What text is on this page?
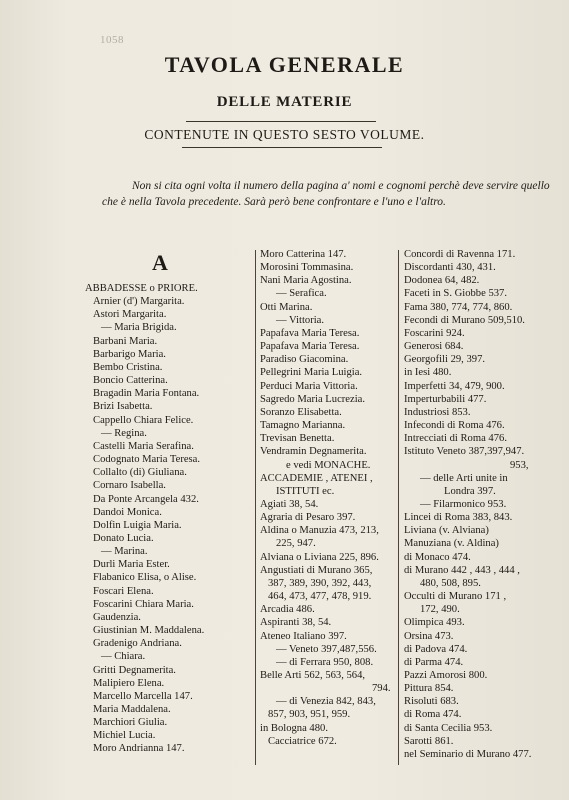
1058
TAVOLA GENERALE
DELLE MATERIE
CONTENUTE IN QUESTO SESTO VOLUME.
Non si cita ogni volta il numero della pagina a' nomi e cognomi perchè deve servire quello
che è nella Tavola precedente. Sarà però bene confrontare e l'uno e l'altro.
A
ABBADESSE o PRIORE.
Arnier (d') Margarita.
Astori Margarita.
— Maria Brigida.
Barbani Maria.
Barbarigo Maria.
Bembo Cristina.
Boncio Catterina.
Bragadin Maria Fontana.
Brizi Isabetta.
Cappello Chiara Felice.
— Regina.
Castelli Maria Serafina.
Codognato Maria Teresa.
Collalto (di) Giuliana.
Cornaro Isabella.
Da Ponte Arcangela 432.
Dandoi Monica.
Dolfin Luigia Maria.
Donato Lucia.
— Marina.
Durli Maria Ester.
Flabanico Elisa, o Alise.
Foscari Elena.
Foscarini Chiara Maria.
Gaudenzia.
Giustinian M. Maddalena.
Gradenigo Andriana.
— Chiara.
Gritti Degnamerita.
Malipiero Elena.
Marcello Marcella 147.
Maria Maddalena.
Marchiori Giulia.
Michiel Lucia.
Moro Andrianna 147.
Moro Catterina 147.
Morosini Tommasina.
Nani Maria Agostina.
— Serafica.
Otti Marina.
— Vittoria.
Papafava Maria Teresa.
Papafava Maria Teresa.
Paradiso Giacomina.
Pellegrini Maria Luigia.
Perduci Maria Vittoria.
Sagredo Maria Lucrezia.
Soranzo Elisabetta.
Tamagno Marianna.
Trevisan Benetta.
Vendramin Degnamerita.
e vedi MONACHE.
ACCADEMIE , ATENEI ,
ISTITUTI ec.
Agiati 38, 54.
Agraria di Pesaro 397.
Aldina o Manuzia 473, 213,
225, 947.
Alviana o Liviana 225, 896.
Angustiati di Murano 365,
387, 389, 390, 392, 443,
464, 473, 477, 478, 919.
Arcadia 486.
Aspiranti 38, 54.
Ateneo Italiano 397.
— Veneto 397,487,556.
— di Ferrara 950, 808.
Belle Arti 562, 563, 564,
794.
— di Venezia 842, 843,
857, 903, 951, 959.
in Bologna 480.
Cacciatrice 672.
Concordi di Ravenna 171.
Discordanti 430, 431.
Dodonea 64, 482.
Faceti in S. Giobbe 537.
Fama 380, 774, 774, 860.
Fecondi di Murano 509,510.
Foscarini 924.
Generosi 684.
Georgofili 29, 397.
in Iesi 480.
Imperfetti 34, 479, 900.
Imperturbabili 477.
Industriosi 853.
Infecondi di Roma 476.
Intrecciati di Roma 476.
Istituto Veneto 387,397,947.
953,
— delle Arti unite in
Londra 397.
— Filarmonico 953.
Lincei di Roma 383, 843.
Liviana (v. Alviana)
Manuziana (v. Aldina)
di Monaco 474.
di Murano 442 , 443 , 444 ,
480, 508, 895.
Occulti di Murano 171 ,
172, 490.
Olimpica 493.
Orsina 473.
di Padova 474.
di Parma 474.
Pazzi Amorosi 800.
Pittura 854.
Risoluti 683.
di Roma 474.
di Santa Cecilia 953.
Sarotti 861.
nel Seminario di Murano 477.
